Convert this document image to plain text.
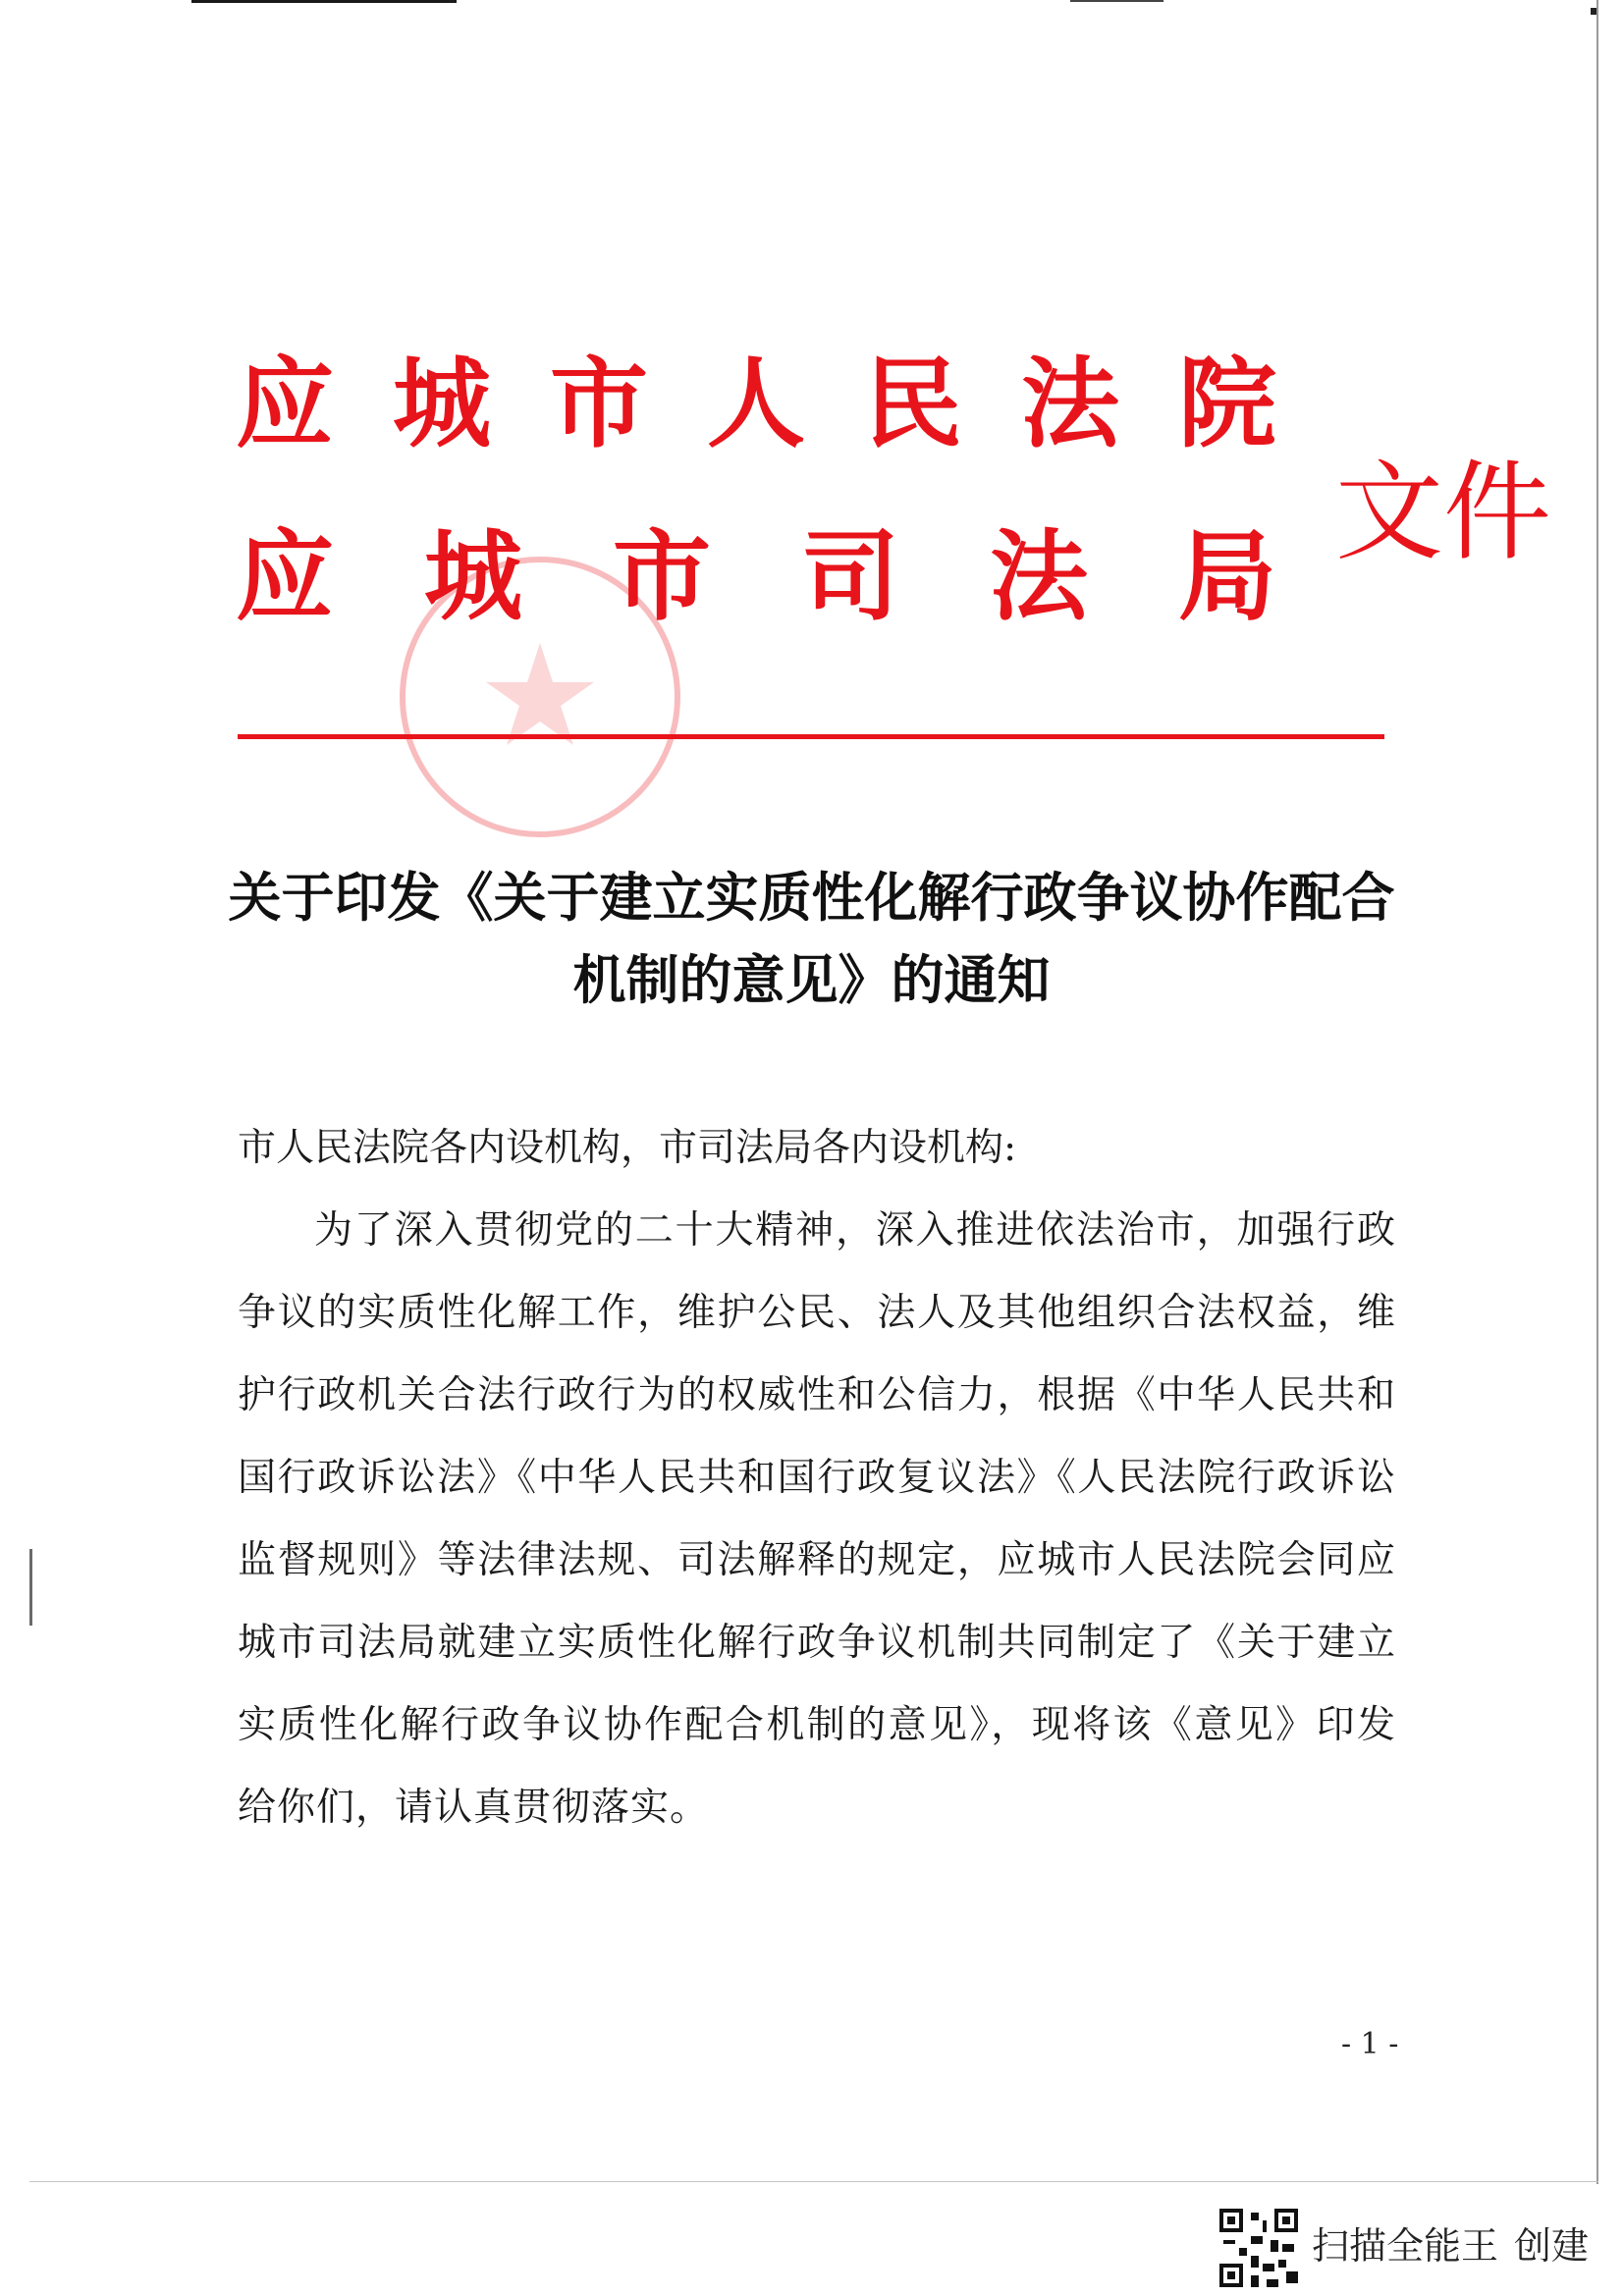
应 城 市 人 民 法 院
应 城 市 司 法 局
文件
关于印发《关于建立实质性化解行政争议协作配合
机制的意见》的通知
市人民法院各内设机构，市司法局各内设机构:
为了深入贯彻党的二十大精神，深入推进依法治市，加强行政争议的实质性化解工作，维护公民、法人及其他组织合法权益，维护行政机关合法行政行为的权威性和公信力，根据《中华人民共和国行政诉讼法》《中华人民共和国行政复议法》《人民法院行政诉讼监督规则》等法律法规、司法解释的规定，应城市人民法院会同应城市司法局就建立实质性化解行政争议机制共同制定了《关于建立实质性化解行政争议协作配合机制的意见》，现将该《意见》印发给你们，请认真贯彻落实。
- 1 -
扫描全能王 创建
